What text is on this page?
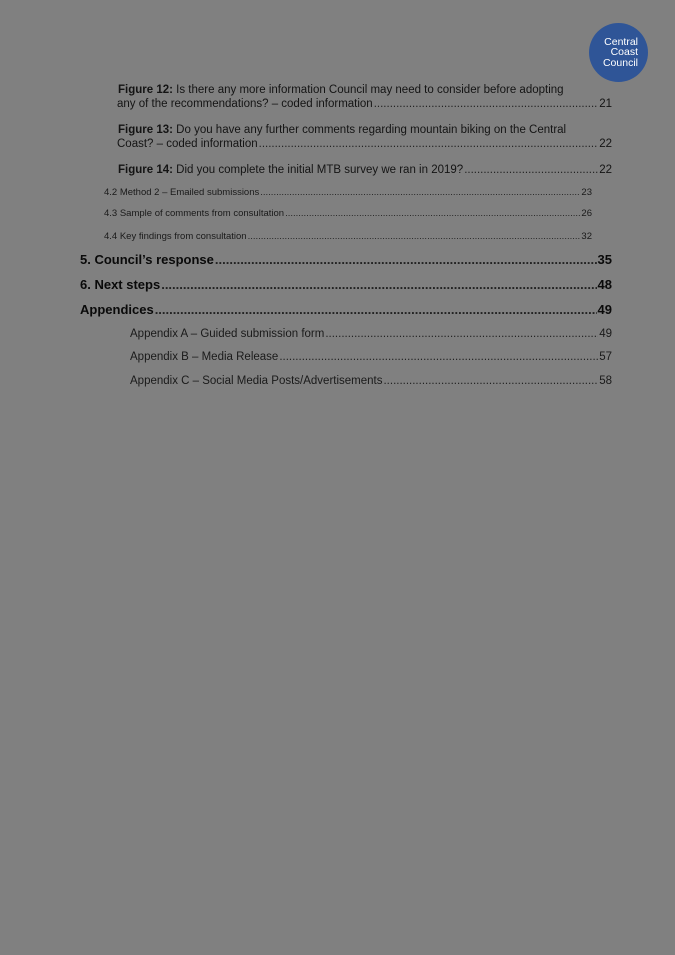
Central
Coast
Council
Figure 12: Is there any more information Council may need to consider before adopting
any of the recommendations? – coded information .....	21
Figure 13: Do you have any further comments regarding mountain biking on the Central
Coast? – coded information .....	22
Figure 14: Did you complete the initial MTB survey we ran in 2019? .....	22
4.2 Method 2 – Emailed submissions .....	23
4.3 Sample of comments from consultation .....	26
4.4 Key findings from consultation .....	32
5. Council’s response .....	35
6. Next steps .....	48
Appendices .....	49
Appendix A – Guided submission form .....	49
Appendix B – Media Release .....	57
Appendix C – Social Media Posts/Advertisements .....	58
